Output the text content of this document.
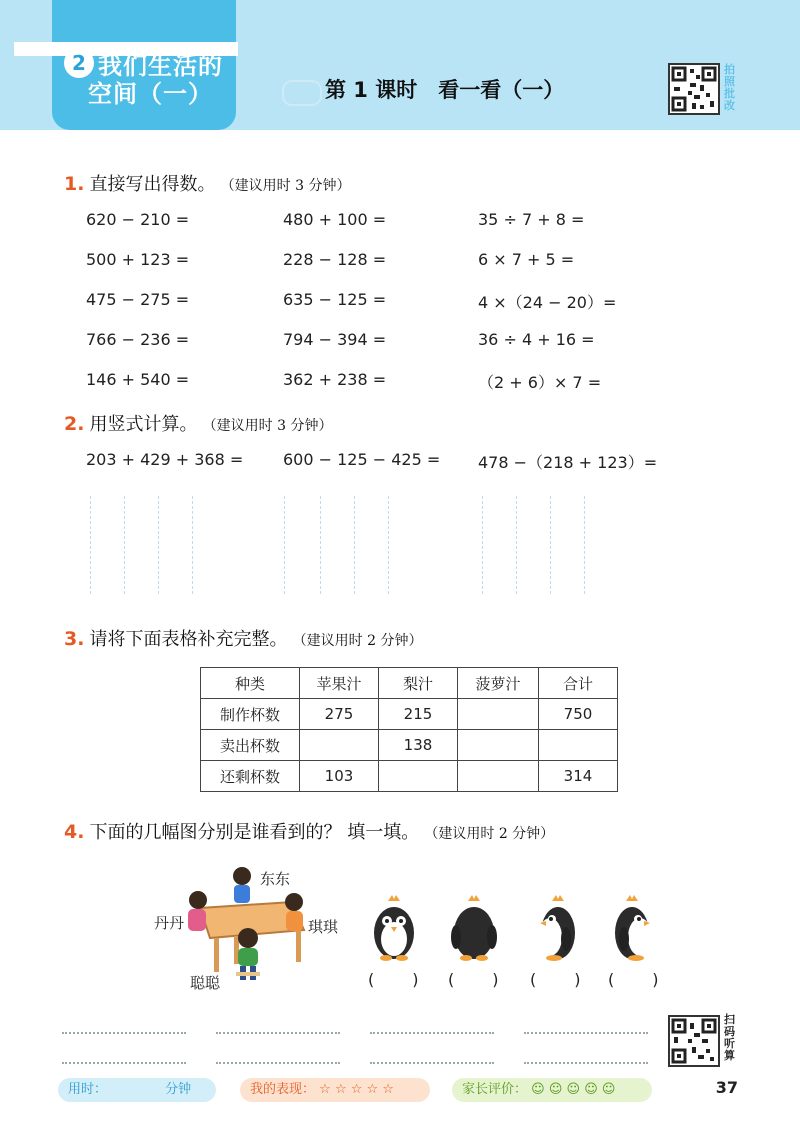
2 我们生活的
空间（一）	第 1 课时　看一看（一）
拍照批改
1. 直接写出得数。 （建议用时 3 分钟）
620 − 210 =	480 + 100 =	35 ÷ 7 + 8 =
500 + 123 =	228 − 128 =	6 × 7 + 5 =
475 − 275 =	635 − 125 =	4 ×（24 − 20）=
766 − 236 =	794 − 394 =	36 ÷ 4 + 16 =
146 + 540 =	362 + 238 =	（2 + 6）× 7 =
2. 用竖式计算。 （建议用时 3 分钟）
203 + 429 + 368 = 600 − 125 − 425 = 478 −（218 + 123）=
3. 请将下面表格补充完整。 （建议用时 2 分钟）
种类	苹果汁	梨汁	菠萝汁	合计
制作杯数	275	215		750
卖出杯数		138		
还剩杯数	103			314
4. 下面的几幅图分别是谁看到的？ 填一填。 （建议用时 2 分钟）
东东
丹丹	琪琪
聪聪	( ) ( ) ( ) ( )
扫码听算
用时：	分钟	我的表现： ☆ ☆ ☆ ☆ ☆	家长评价： ☺ ☺ ☺ ☺ ☺	37
